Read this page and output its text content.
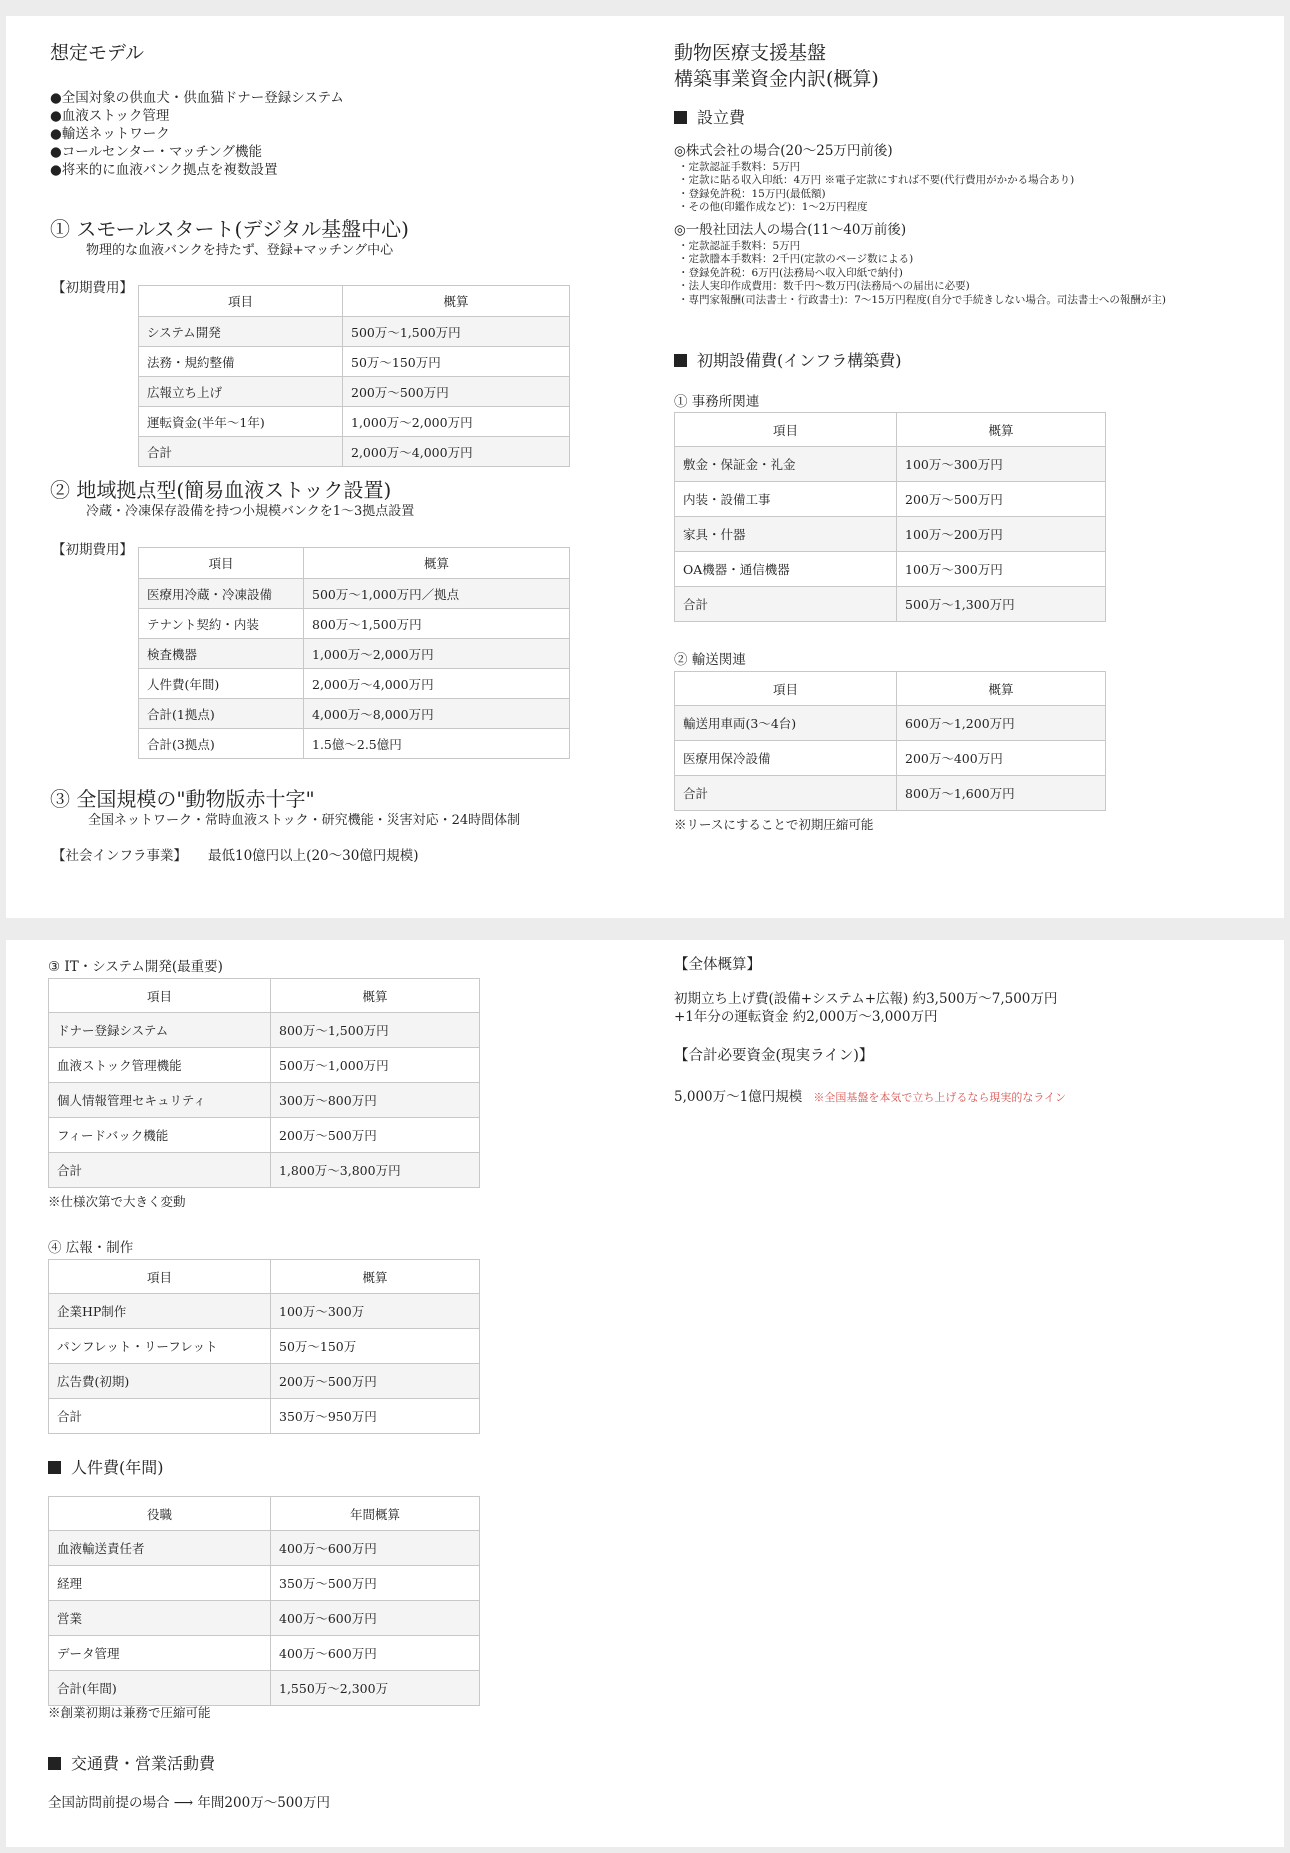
想定モデル
●全国対象の供血犬・供血猫ドナー登録システム
●血液ストック管理
●輸送ネットワーク
●コールセンター・マッチング機能
●将来的に血液バンク拠点を複数設置
① スモールスタート(デジタル基盤中心)
物理的な血液バンクを持たず、登録+マッチング中心
【初期費用】
項目	概算
システム開発	500万～1,500万円
法務・規約整備	50万～150万円
広報立ち上げ	200万～500万円
運転資金(半年～1年)	1,000万～2,000万円
合計	2,000万～4,000万円
② 地域拠点型(簡易血液ストック設置)
冷蔵・冷凍保存設備を持つ小規模バンクを1～3拠点設置
【初期費用】
項目	概算
医療用冷蔵・冷凍設備	500万～1,000万円／拠点
テナント契約・内装	800万～1,500万円
検査機器	1,000万～2,000万円
人件費(年間)	2,000万～4,000万円
合計(1拠点)	4,000万～8,000万円
合計(3拠点)	1.5億～2.5億円
③ 全国規模の"動物版赤十字"
全国ネットワーク・常時血液ストック・研究機能・災害対応・24時間体制
【社会インフラ事業】 最低10億円以上(20～30億円規模)
動物医療支援基盤
構築事業資金内訳(概算)
設立費
◎株式会社の場合(20～25万円前後)
・定款認証手数料：5万円
・定款に貼る収入印紙：4万円 ※電子定款にすれば不要(代行費用がかかる場合あり)
・登録免許税：15万円(最低額)
・その他(印鑑作成など)：1～2万円程度
◎一般社団法人の場合(11～40万前後)
・定款認証手数料：5万円
・定款謄本手数料：2千円(定款のページ数による)
・登録免許税：6万円(法務局へ収入印紙で納付)
・法人実印作成費用：数千円～数万円(法務局への届出に必要)
・専門家報酬(司法書士・行政書士)：7～15万円程度(自分で手続きしない場合。司法書士への報酬が主)
初期設備費(インフラ構築費)
① 事務所関連
項目	概算
敷金・保証金・礼金	100万～300万円
内装・設備工事	200万～500万円
家具・什器	100万～200万円
OA機器・通信機器	100万～300万円
合計	500万～1,300万円
② 輸送関連
項目	概算
輸送用車両(3～4台)	600万～1,200万円
医療用保冷設備	200万～400万円
合計	800万～1,600万円
※リースにすることで初期圧縮可能
③ IT・システム開発(最重要)
項目	概算
ドナー登録システム	800万～1,500万円
血液ストック管理機能	500万～1,000万円
個人情報管理セキュリティ	300万～800万円
フィードバック機能	200万～500万円
合計	1,800万～3,800万円
※仕様次第で大きく変動
④ 広報・制作
項目	概算
企業HP制作	100万～300万
パンフレット・リーフレット	50万～150万
広告費(初期)	200万～500万円
合計	350万～950万円
人件費(年間)
役職	年間概算
血液輸送責任者	400万～600万円
経理	350万～500万円
営業	400万～600万円
データ管理	400万～600万円
合計(年間)	1,550万～2,300万
※創業初期は兼務で圧縮可能
交通費・営業活動費
全国訪問前提の場合 ⟶ 年間200万～500万円
【全体概算】
初期立ち上げ費(設備+システム+広報) 約3,500万～7,500万円
+1年分の運転資金 約2,000万～3,000万円
【合計必要資金(現実ライン)】
5,000万～1億円規模 ※全国基盤を本気で立ち上げるなら現実的なライン
